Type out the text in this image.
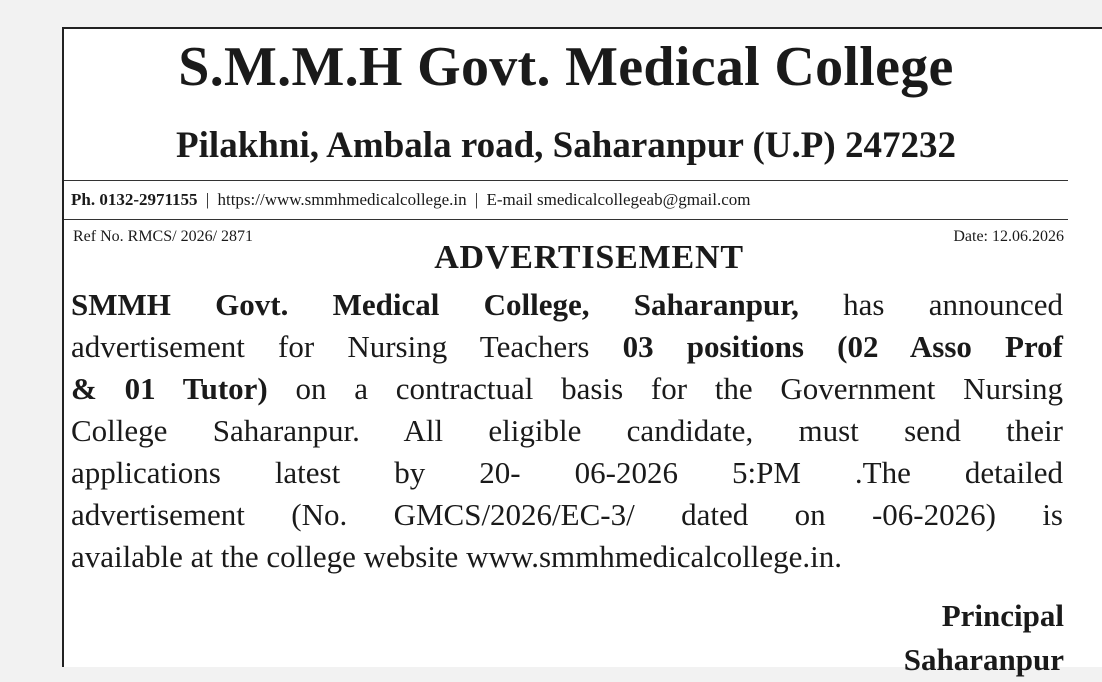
S.M.M.H Govt. Medical College
Pilakhni, Ambala road, Saharanpur (U.P) 247232
Ph. 0132-2971155 | https://www.smmhmedicalcollege.in | E-mail smedicalcollegeab@gmail.com
Ref No. RMCS/ 2026/ 2871	Date: 12.06.2026
ADVERTISEMENT
SMMH Govt. Medical College, Saharanpur, has announced
advertisement for Nursing Teachers 03 positions (02 Asso Prof
& 01 Tutor) on a contractual basis for the Government Nursing
College Saharanpur. All eligible candidate, must send their
applications latest by 20- 06-2026 5:PM .The detailed
advertisement (No. GMCS/2026/EC-3/ dated on -06-2026) is
available at the college website www.smmhmedicalcollege.in.
Principal
Saharanpur
